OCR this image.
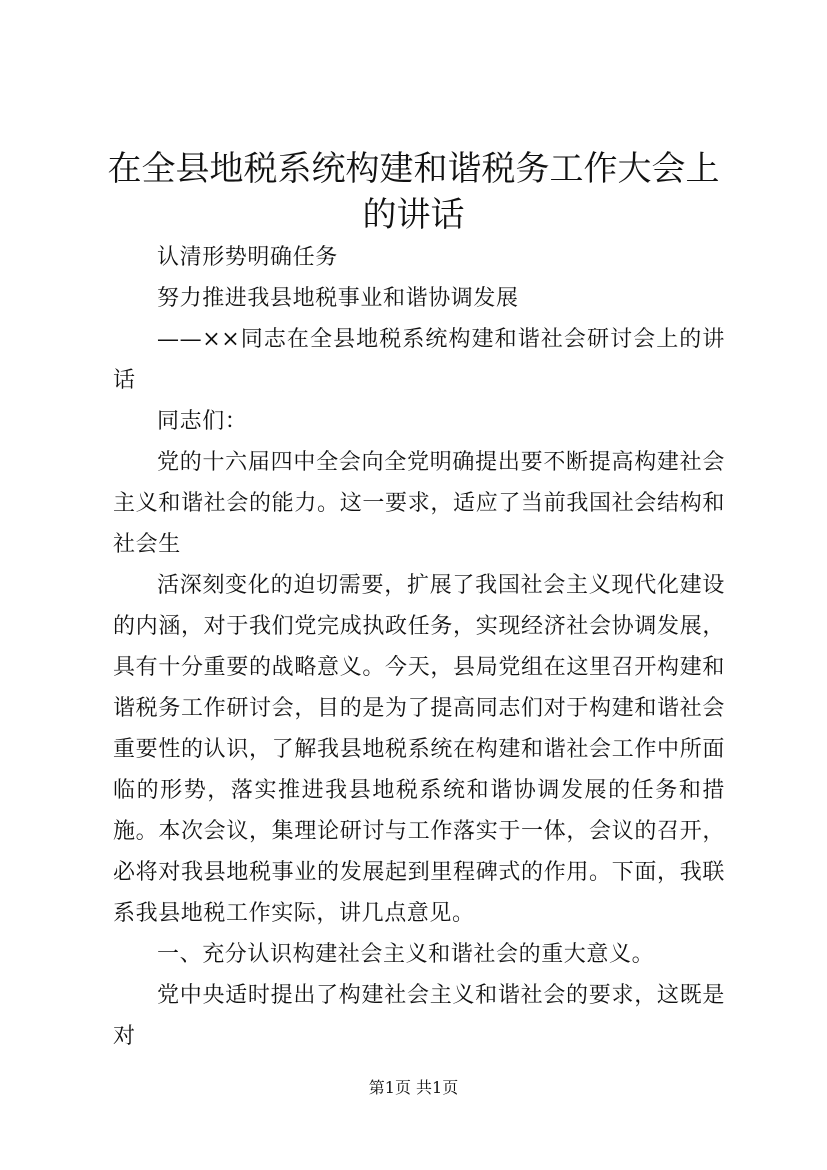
在全县地税系统构建和谐税务工作大会上的讲话

认清形势明确任务

努力推进我县地税事业和谐协调发展

——××同志在全县地税系统构建和谐社会研讨会上的讲话

同志们：

党的十六届四中全会向全党明确提出要不断提高构建社会主义和谐社会的能力。这一要求，适应了当前我国社会结构和社会生

活深刻变化的迫切需要，扩展了我国社会主义现代化建设的内涵，对于我们党完成执政任务，实现经济社会协调发展，具有十分重要的战略意义。今天，县局党组在这里召开构建和谐税务工作研讨会，目的是为了提高同志们对于构建和谐社会重要性的认识，了解我县地税系统在构建和谐社会工作中所面临的形势，落实推进我县地税系统和谐协调发展的任务和措施。本次会议，集理论研讨与工作落实于一体，会议的召开，必将对我县地税事业的发展起到里程碑式的作用。下面，我联系我县地税工作实际，讲几点意见。

一、充分认识构建社会主义和谐社会的重大意义。

党中央适时提出了构建社会主义和谐社会的要求，这既是对

第1页 共1页
